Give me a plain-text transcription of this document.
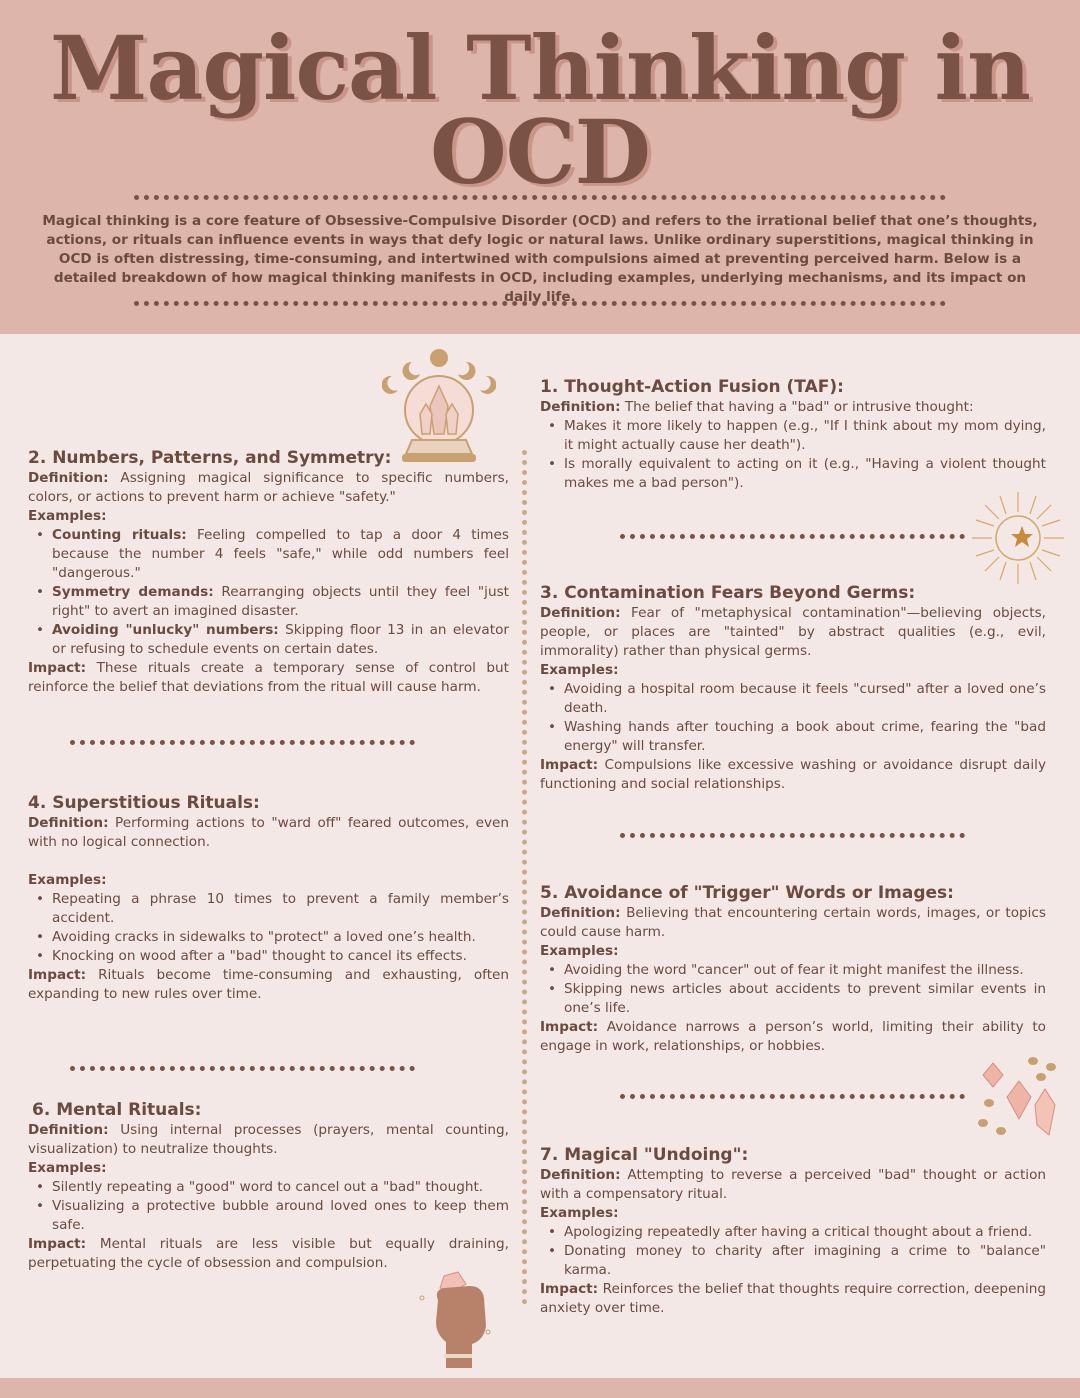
Magical Thinking in
OCD

Magical thinking is a core feature of Obsessive-Compulsive Disorder (OCD) and refers to the irrational belief that one’s thoughts, actions, or rituals can influence events in ways that defy logic or natural laws. Unlike ordinary superstitions, magical thinking in OCD is often distressing, time-consuming, and intertwined with compulsions aimed at preventing perceived harm. Below is a detailed breakdown of how magical thinking manifests in OCD, including examples, underlying mechanisms, and its impact on daily life.

2. Numbers, Patterns, and Symmetry:
Definition: Assigning magical significance to specific numbers, colors, or actions to prevent harm or achieve "safety."
Examples:
• Counting rituals: Feeling compelled to tap a door 4 times because the number 4 feels "safe," while odd numbers feel "dangerous."
• Symmetry demands: Rearranging objects until they feel "just right" to avert an imagined disaster.
• Avoiding "unlucky" numbers: Skipping floor 13 in an elevator or refusing to schedule events on certain dates.
Impact: These rituals create a temporary sense of control but reinforce the belief that deviations from the ritual will cause harm.
4. Superstitious Rituals:
Definition: Performing actions to "ward off" feared outcomes, even with no logical connection.
Examples:
• Repeating a phrase 10 times to prevent a family member’s accident.
• Avoiding cracks in sidewalks to "protect" a loved one’s health.
• Knocking on wood after a "bad" thought to cancel its effects.
Impact: Rituals become time-consuming and exhausting, often expanding to new rules over time.
6. Mental Rituals:
Definition: Using internal processes (prayers, mental counting, visualization) to neutralize thoughts.
Examples:
• Silently repeating a "good" word to cancel out a "bad" thought.
• Visualizing a protective bubble around loved ones to keep them safe.
Impact: Mental rituals are less visible but equally draining, perpetuating the cycle of obsession and compulsion.
1. Thought-Action Fusion (TAF):
Definition: The belief that having a "bad" or intrusive thought:
• Makes it more likely to happen (e.g., "If I think about my mom dying, it might actually cause her death").
• Is morally equivalent to acting on it (e.g., "Having a violent thought makes me a bad person").
3. Contamination Fears Beyond Germs:
Definition: Fear of "metaphysical contamination"—believing objects, people, or places are "tainted" by abstract qualities (e.g., evil, immorality) rather than physical germs.
Examples:
• Avoiding a hospital room because it feels "cursed" after a loved one’s death.
• Washing hands after touching a book about crime, fearing the "bad energy" will transfer.
Impact: Compulsions like excessive washing or avoidance disrupt daily functioning and social relationships.
5. Avoidance of "Trigger" Words or Images:
Definition: Believing that encountering certain words, images, or topics could cause harm.
Examples:
• Avoiding the word "cancer" out of fear it might manifest the illness.
• Skipping news articles about accidents to prevent similar events in one’s life.
Impact: Avoidance narrows a person’s world, limiting their ability to engage in work, relationships, or hobbies.
7. Magical "Undoing":
Definition: Attempting to reverse a perceived "bad" thought or action with a compensatory ritual.
Examples:
• Apologizing repeatedly after having a critical thought about a friend.
• Donating money to charity after imagining a crime to "balance" karma.
Impact: Reinforces the belief that thoughts require correction, deepening anxiety over time.
